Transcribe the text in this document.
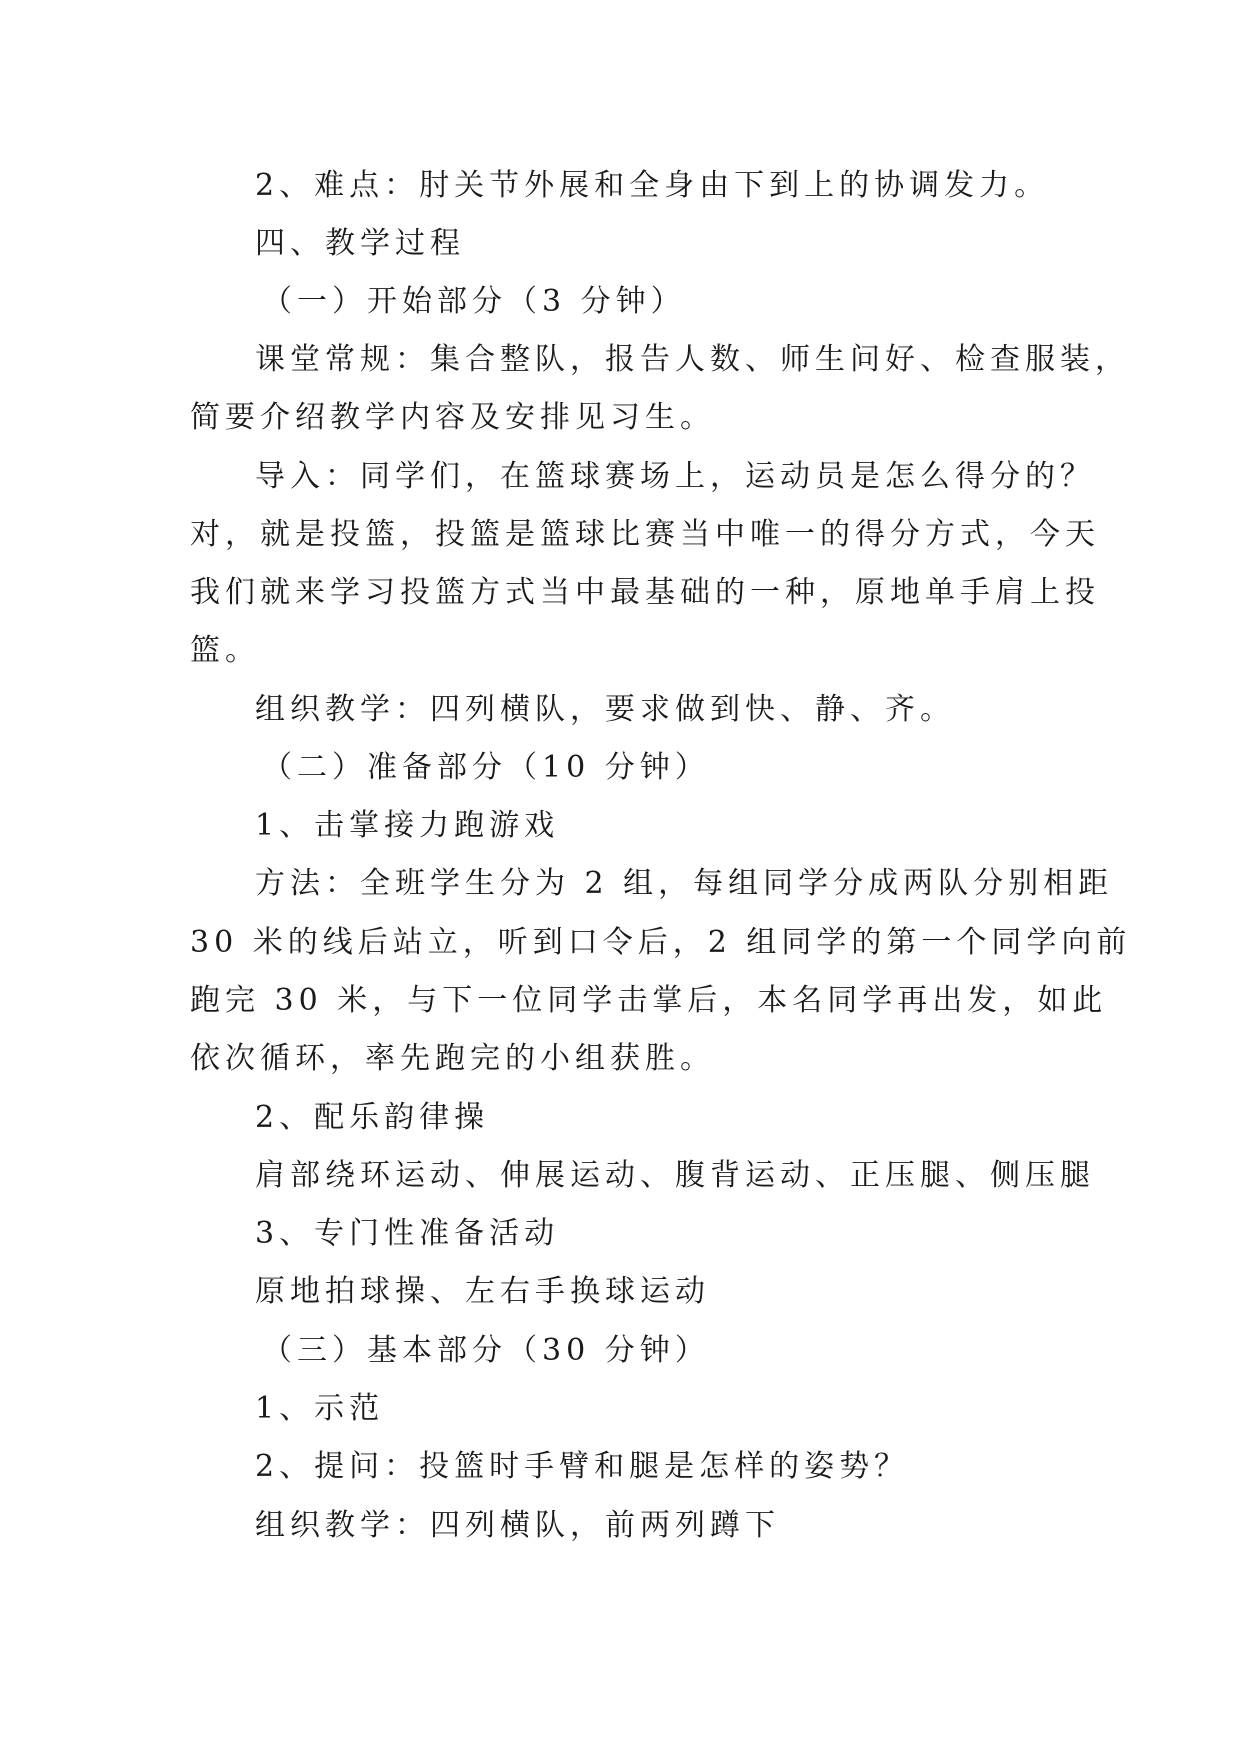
2、难点：肘关节外展和全身由下到上的协调发力。
四、教学过程
（一）开始部分（3 分钟）
课堂常规：集合整队，报告人数、师生问好、检查服装，
简要介绍教学内容及安排见习生。
导入：同学们，在篮球赛场上，运动员是怎么得分的？
对，就是投篮，投篮是篮球比赛当中唯一的得分方式，今天
我们就来学习投篮方式当中最基础的一种，原地单手肩上投
篮。
组织教学：四列横队，要求做到快、静、齐。
（二）准备部分（10 分钟）
1、击掌接力跑游戏
方法：全班学生分为 2 组，每组同学分成两队分别相距
30 米的线后站立，听到口令后，2 组同学的第一个同学向前
跑完 30 米，与下一位同学击掌后，本名同学再出发，如此
依次循环，率先跑完的小组获胜。
2、配乐韵律操
肩部绕环运动、伸展运动、腹背运动、正压腿、侧压腿
3、专门性准备活动
原地拍球操、左右手换球运动
（三）基本部分（30 分钟）
1、示范
2、提问：投篮时手臂和腿是怎样的姿势？
组织教学：四列横队，前两列蹲下
